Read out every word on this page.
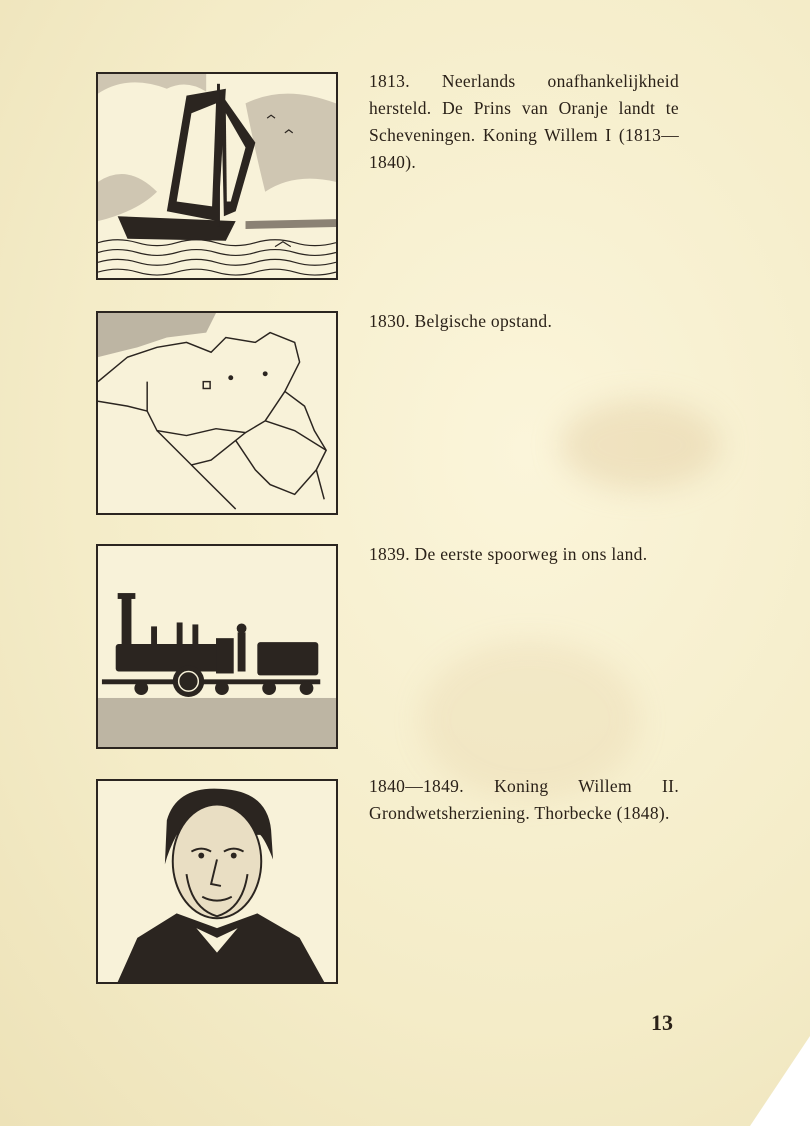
1813. Neerlands onafhankelijkheid hersteld. De Prins van Oranje landt te Scheveningen. Koning Willem I (1813—1840).

1830. Belgische opstand.

1839. De eerste spoorweg in ons land.

1840—1849. Koning Willem II. Grondwetsherziening. Thorbecke (1848).

13
